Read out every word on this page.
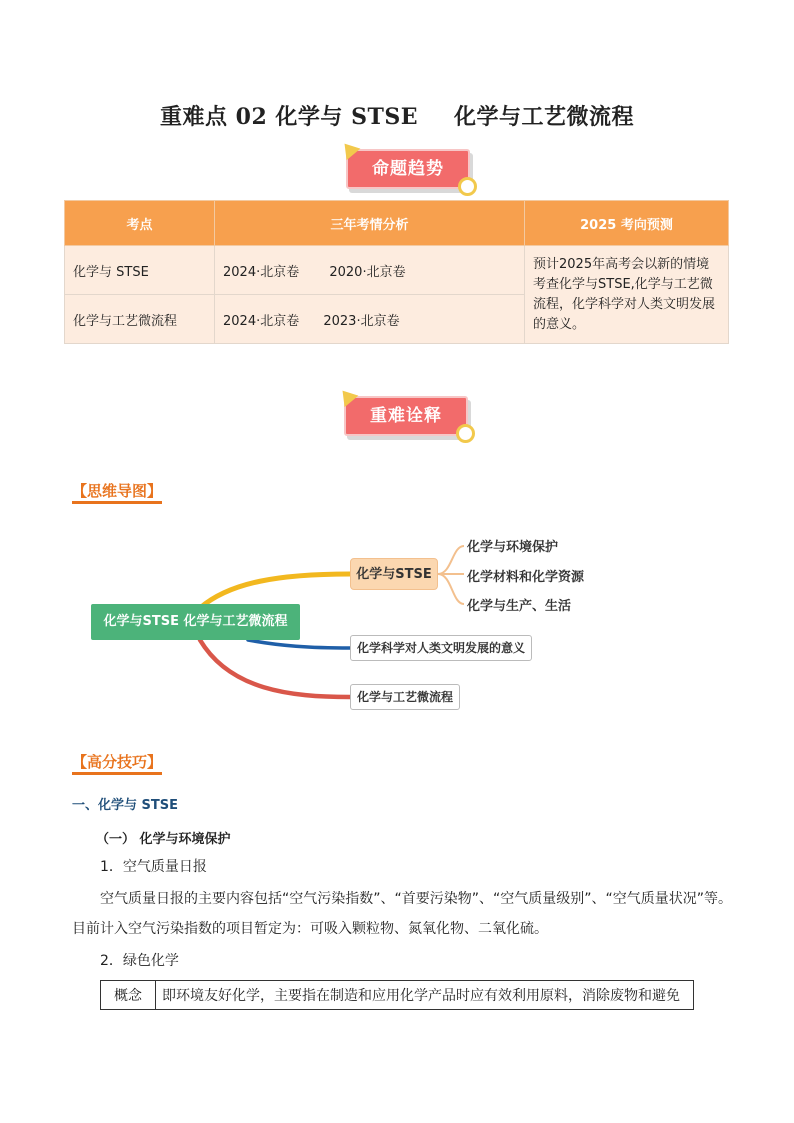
重难点 02 化学与 STSE 化学与工艺微流程
命题趋势
考点	三年考情分析	2025 考向预测
化学与 STSE	2024·北京卷 2020·北京卷	预计2025年高考会以新的情境考查化学与STSE,化学与工艺微流程，化学科学对人类文明发展的意义。
化学与工艺微流程	2024·北京卷 2023·北京卷	
重难诠释
【思维导图】
化学与STSE 化学与工艺微流程
化学与STSE
化学与环境保护
化学材料和化学资源
化学与生产、生活
化学科学对人类文明发展的意义
化学与工艺微流程
【高分技巧】
一、化学与 STSE
（一） 化学与环境保护
1．空气质量日报
空气质量日报的主要内容包括“空气污染指数”、“首要污染物”、“空气质量级别”、“空气质量状况”等。
目前计入空气污染指数的项目暂定为：可吸入颗粒物、氮氧化物、二氧化硫。
2．绿色化学
概念	即环境友好化学，主要指在制造和应用化学产品时应有效利用原料，消除废物和避免
